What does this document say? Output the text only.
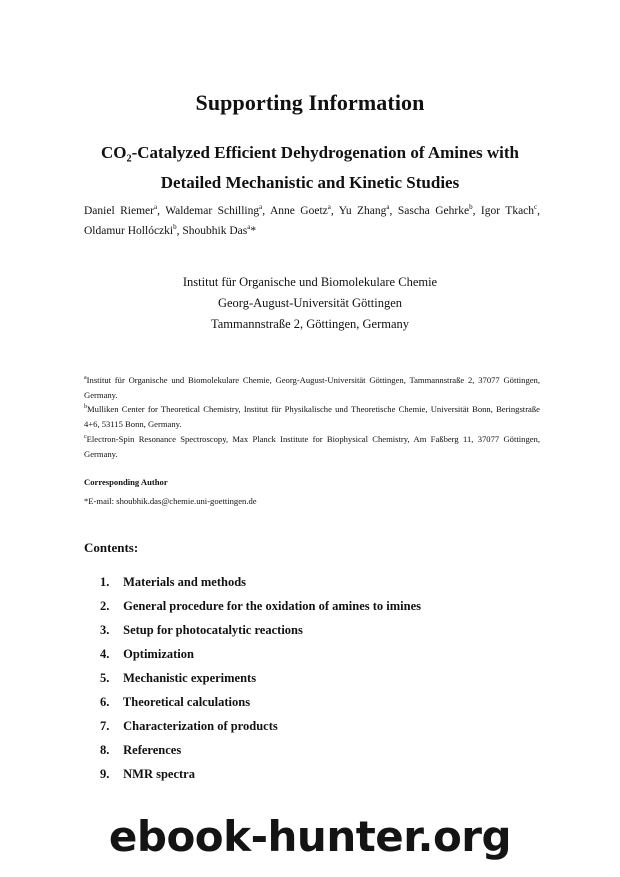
Supporting Information
CO₂-Catalyzed Efficient Dehydrogenation of Amines with
Detailed Mechanistic and Kinetic Studies
Daniel Riemer$^a$, Waldemar Schilling$^a$, Anne Goetz$^a$, Yu Zhang$^a$, Sascha Gehrke$^b$, Igor Tkach$^c$, Oldamur Hollóczki$^b$, Shoubhik Das$^a$*
Institut für Organische und Biomolekulare Chemie
Georg-August-Universität Göttingen
Tammannstraße 2, Göttingen, Germany

$^a$Institut für Organische und Biomolekulare Chemie, Georg-August-Universität Göttingen, Tammannstraße 2, 37077 Göttingen, Germany.

$^b$Mulliken Center for Theoretical Chemistry, Institut für Physikalische und Theoretische Chemie, Universität Bonn, Beringstraße 4+6, 53115 Bonn, Germany.

$^c$Electron-Spin Resonance Spectroscopy, Max Planck Institute for Biophysical Chemistry, Am Faßberg 11, 37077 Göttingen, Germany.

Corresponding Author
*E-mail: shoubhik.das@chemie.uni-goettingen.de
Contents:
1. Materials and methods
2. General procedure for the oxidation of amines to imines
3. Setup for photocatalytic reactions
4. Optimization
5. Mechanistic experiments
6. Theoretical calculations
7. Characterization of products
8. References
9. NMR spectra
ebook-hunter.org
